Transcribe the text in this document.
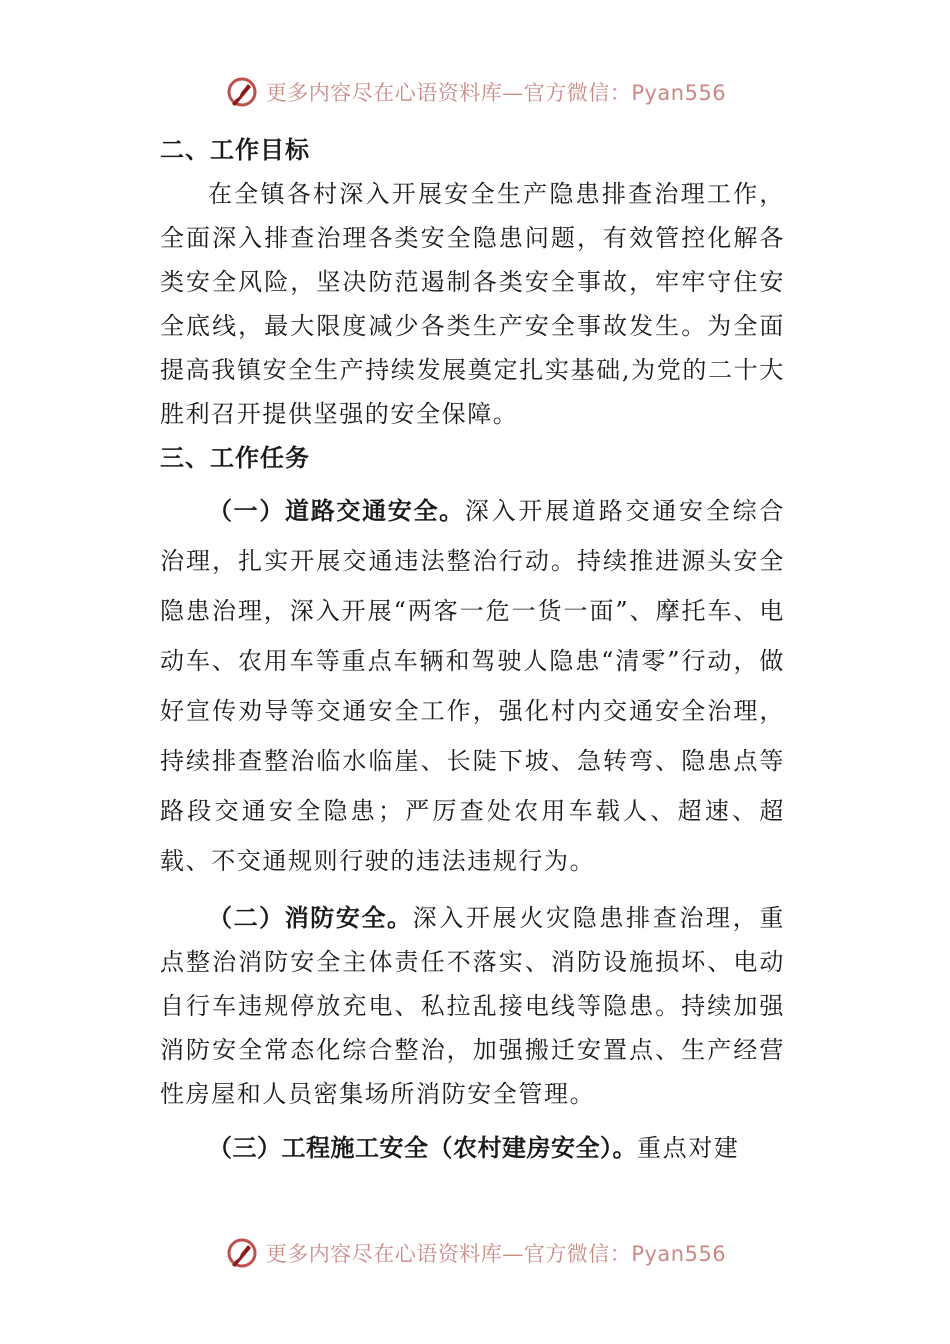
更多内容尽在心语资料库—官方微信：Pyan556
二、工作目标

在全镇各村深入开展安全生产隐患排查治理工作，全面深入排查治理各类安全隐患问题，有效管控化解各类安全风险，坚决防范遏制各类安全事故，牢牢守住安全底线，最大限度减少各类生产安全事故发生。为全面提高我镇安全生产持续发展奠定扎实基础,为党的二十大胜利召开提供坚强的安全保障。

三、工作任务

（一）道路交通安全。深入开展道路交通安全综合治理，扎实开展交通违法整治行动。持续推进源头安全隐患治理，深入开展“两客一危一货一面”、摩托车、电动车、农用车等重点车辆和驾驶人隐患“清零”行动，做好宣传劝导等交通安全工作，强化村内交通安全治理，持续排查整治临水临崖、长陡下坡、急转弯、隐患点等路段交通安全隐患；严厉查处农用车载人、超速、超载、不交通规则行驶的违法违规行为。

（二）消防安全。深入开展火灾隐患排查治理，重点整治消防安全主体责任不落实、消防设施损坏、电动自行车违规停放充电、私拉乱接电线等隐患。持续加强消防安全常态化综合整治，加强搬迁安置点、生产经营性房屋和人员密集场所消防安全管理。

（三）工程施工安全（农村建房安全）。重点对建

更多内容尽在心语资料库—官方微信：Pyan556
